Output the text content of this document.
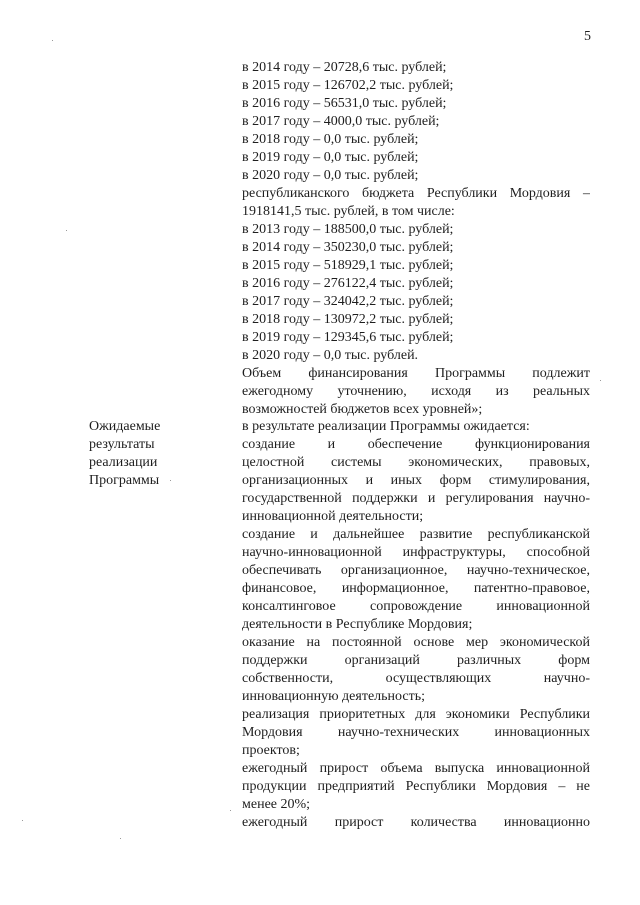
5
в 2014 году – 20728,6 тыс. рублей;
в 2015 году – 126702,2 тыс. рублей;
в 2016 году – 56531,0 тыс. рублей;
в 2017 году – 4000,0 тыс. рублей;
в 2018 году – 0,0 тыс. рублей;
в 2019 году – 0,0 тыс. рублей;
в 2020 году – 0,0 тыс. рублей;
республиканского бюджета Республики Мордовия –
1918141,5 тыс. рублей, в том числе:
в 2013 году – 188500,0 тыс. рублей;
в 2014 году – 350230,0 тыс. рублей;
в 2015 году – 518929,1 тыс. рублей;
в 2016 году – 276122,4 тыс. рублей;
в 2017 году – 324042,2 тыс. рублей;
в 2018 году – 130972,2 тыс. рублей;
в 2019 году – 129345,6 тыс. рублей;
в 2020 году – 0,0 тыс. рублей.
Объем финансирования Программы подлежит
ежегодному уточнению, исходя из реальных
возможностей бюджетов всех уровней»;
Ожидаемые
результаты
реализации
Программы
в результате реализации Программы ожидается:
создание и обеспечение функционирования
целостной системы экономических, правовых,
организационных и иных форм стимулирования,
государственной поддержки и регулирования научно-
инновационной деятельности;
создание и дальнейшее развитие республиканской
научно-инновационной инфраструктуры, способной
обеспечивать организационное, научно-техническое,
финансовое, информационное, патентно-правовое,
консалтинговое сопровождение инновационной
деятельности в Республике Мордовия;
оказание на постоянной основе мер экономической
поддержки организаций различных форм
собственности, осуществляющих научно-
инновационную деятельность;
реализация приоритетных для экономики Республики
Мордовия научно-технических инновационных
проектов;
ежегодный прирост объема выпуска инновационной
продукции предприятий Республики Мордовия – не
менее 20%;
ежегодный прирост количества инновационно
